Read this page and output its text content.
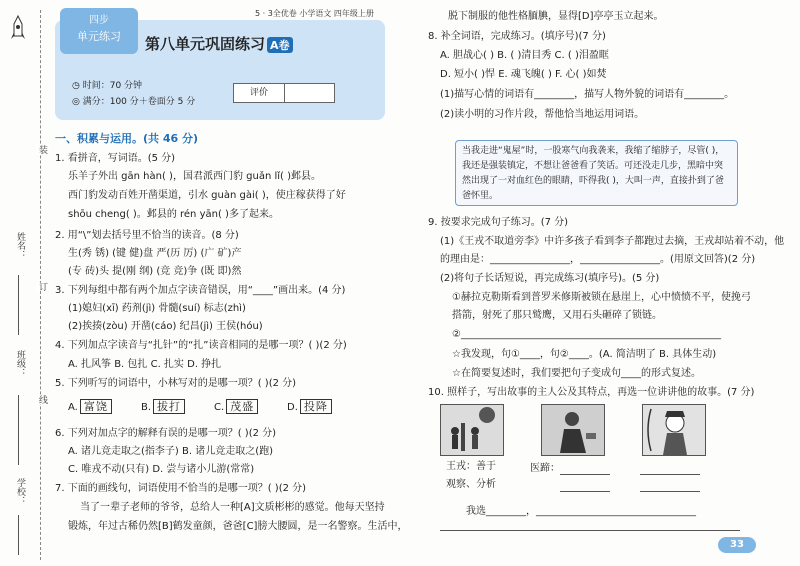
班级：
姓名：
学校：
装
订
线
四步
单元练习
5 · 3全优卷 小学语文 四年级上册
第八单元巩固练习 A卷
◷ 时间：70 分钟
◎ 满分：100 分＋卷面分 5 分
评价
一、积累与运用。(共 46 分)
1. 看拼音，写词语。(5 分)
乐羊子外出 gān hàn( )，国君派西门豹 guǎn lǐ( )邺县。
西门豹发动百姓开凿渠道，引水 guàn gài( )，使庄稼获得了好
shōu cheng( )。邺县的 rén yān( )多了起来。
2. 用“\”划去括号里不恰当的读音。(8 分)
生(秀 锈) (键 健)盘 严(历 厉) (广 矿)产
(专 砖)头 提(刚 纲) (竞 竞)争 (既 即)然
3. 下列每组中都有两个加点字读音错误，用“____”画出来。(4 分)
(1)媳妇(xī) 药剂(jì) 骨髓(suí) 标志(zhì)
(2)挨揍(zòu) 开凿(cáo) 纪昌(jì) 王侯(hóu)
4. 下列加点字读音与“扎针”的“扎”读音相同的是哪一项？( )(2 分)
A. 扎风筝 B. 包扎 C. 扎实 D. 挣扎
5. 下列听写的词语中，小林写对的是哪一项？( )(2 分)
A. 富饶	B. 拔打	C. 茂盛	D. 投降
6. 下列对加点字的解释有误的是哪一项？( )(2 分)
A. 诸儿竞走取之(指李子) B. 诸儿竞走取之(跑)
C. 唯戎不动(只有) D. 尝与诸小儿游(常常)
7. 下面的画线句，词语使用不恰当的是哪一项？( )(2 分)
当了一辈子老师的爷爷，总给人一种[A]文质彬彬的感觉。他每天坚持
锻炼，年过古稀仍然[B]鹤发童颜，爸爸[C]膀大腰圆，是一名警察。生活中，
脱下制服的他性格腼腆，显得[D]亭亭玉立起来。
8. 补全词语，完成练习。(填序号)(7 分)
A. 胆战心( ) B. ( )清目秀 C. ( )泪盈眶
D. 短小( )悍 E. 魂飞魄( ) F. 心( )如焚
(1)描写心情的词语有________，描写人物外貌的词语有________。
(2)读小明的习作片段，帮他恰当地运用词语。
当我走进“鬼屋”时，一股寒气向我袭来，我缩了缩脖子，尽管( )，我还是强装镇定，不想让爸爸看了笑话。可还没走几步，黑暗中突然出现了一对血红色的眼睛，吓得我( )，大叫一声，直接扑到了爸爸怀里。
9. 按要求完成句子练习。(7 分)
(1)《王戎不取道旁李》中许多孩子看到李子都跑过去摘，王戎却站着不动，他
的理由是：________________，________________。(用原文回答)(2 分)
(2)将句子长话短说，再完成练习(填序号)。(5 分)
①赫拉克勒斯看到普罗米修斯被锁在悬崖上，心中愤愤不平，使挽弓
搭箭，射死了那只鹫鹰，又用石头砸碎了锁链。
②____________________________________________________
☆我发现，句①____，句②____。(A. 简洁明了 B. 具体生动)
☆在简要复述时，我们要把句子变成句____的形式复述。
10. 照样子，写出故事的主人公及其特点，再选一位讲讲他的故事。(7 分)
王戎：善于
观察、分析
医蹄：
我选________，________________________________
33
